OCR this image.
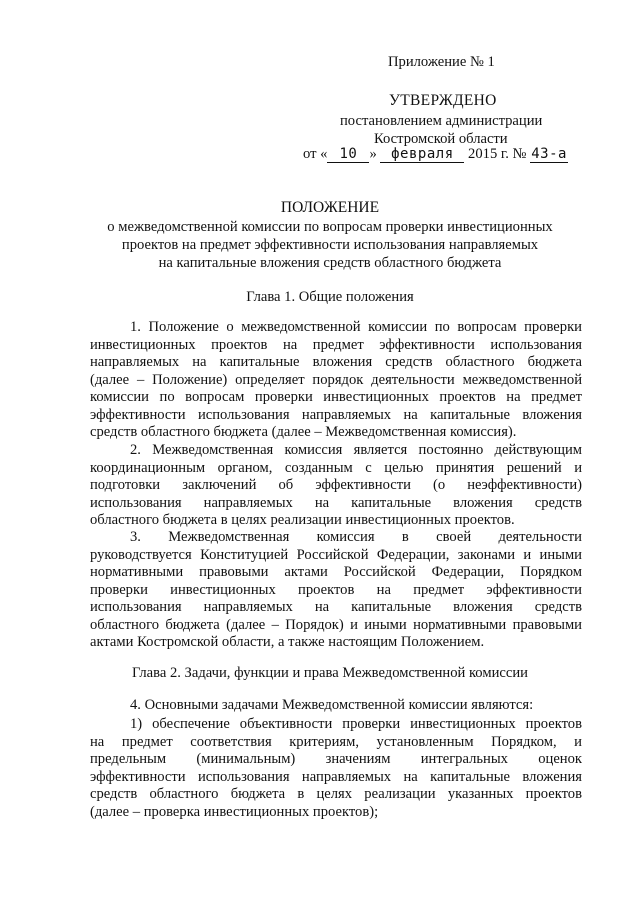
Приложение № 1
УТВЕРЖДЕНО
постановлением администрации
Костромской области
от « 10 » февраля 2015 г. № 43-а
ПОЛОЖЕНИЕ
о межведомственной комиссии по вопросам проверки инвестиционных
проектов на предмет эффективности использования направляемых
на капитальные вложения средств областного бюджета
Глава 1. Общие положения

1. Положение о межведомственной комиссии по вопросам проверки

инвестиционных проектов на предмет эффективности использования

направляемых на капитальные вложения средств областного бюджета

(далее – Положение) определяет порядок деятельности межведомственной

комиссии по вопросам проверки инвестиционных проектов на предмет

эффективности использования направляемых на капитальные вложения

средств областного бюджета (далее – Межведомственная комиссия).

2. Межведомственная комиссия является постоянно действующим

координационным органом, созданным с целью принятия решений и

подготовки заключений об эффективности (о неэффективности)

использования направляемых на капитальные вложения средств

областного бюджета в целях реализации инвестиционных проектов.

3. Межведомственная комиссия в своей деятельности

руководствуется Конституцией Российской Федерации, законами и иными

нормативными правовыми актами Российской Федерации, Порядком

проверки инвестиционных проектов на предмет эффективности

использования направляемых на капитальные вложения средств

областного бюджета (далее – Порядок) и иными нормативными правовыми

актами Костромской области, а также настоящим Положением.

Глава 2. Задачи, функции и права Межведомственной комиссии
4. Основными задачами Межведомственной комиссии являются:

1) обеспечение объективности проверки инвестиционных проектов

на предмет соответствия критериям, установленным Порядком, и

предельным (минимальным) значениям интегральных оценок

эффективности использования направляемых на капитальные вложения

средств областного бюджета в целях реализации указанных проектов

(далее – проверка инвестиционных проектов);
